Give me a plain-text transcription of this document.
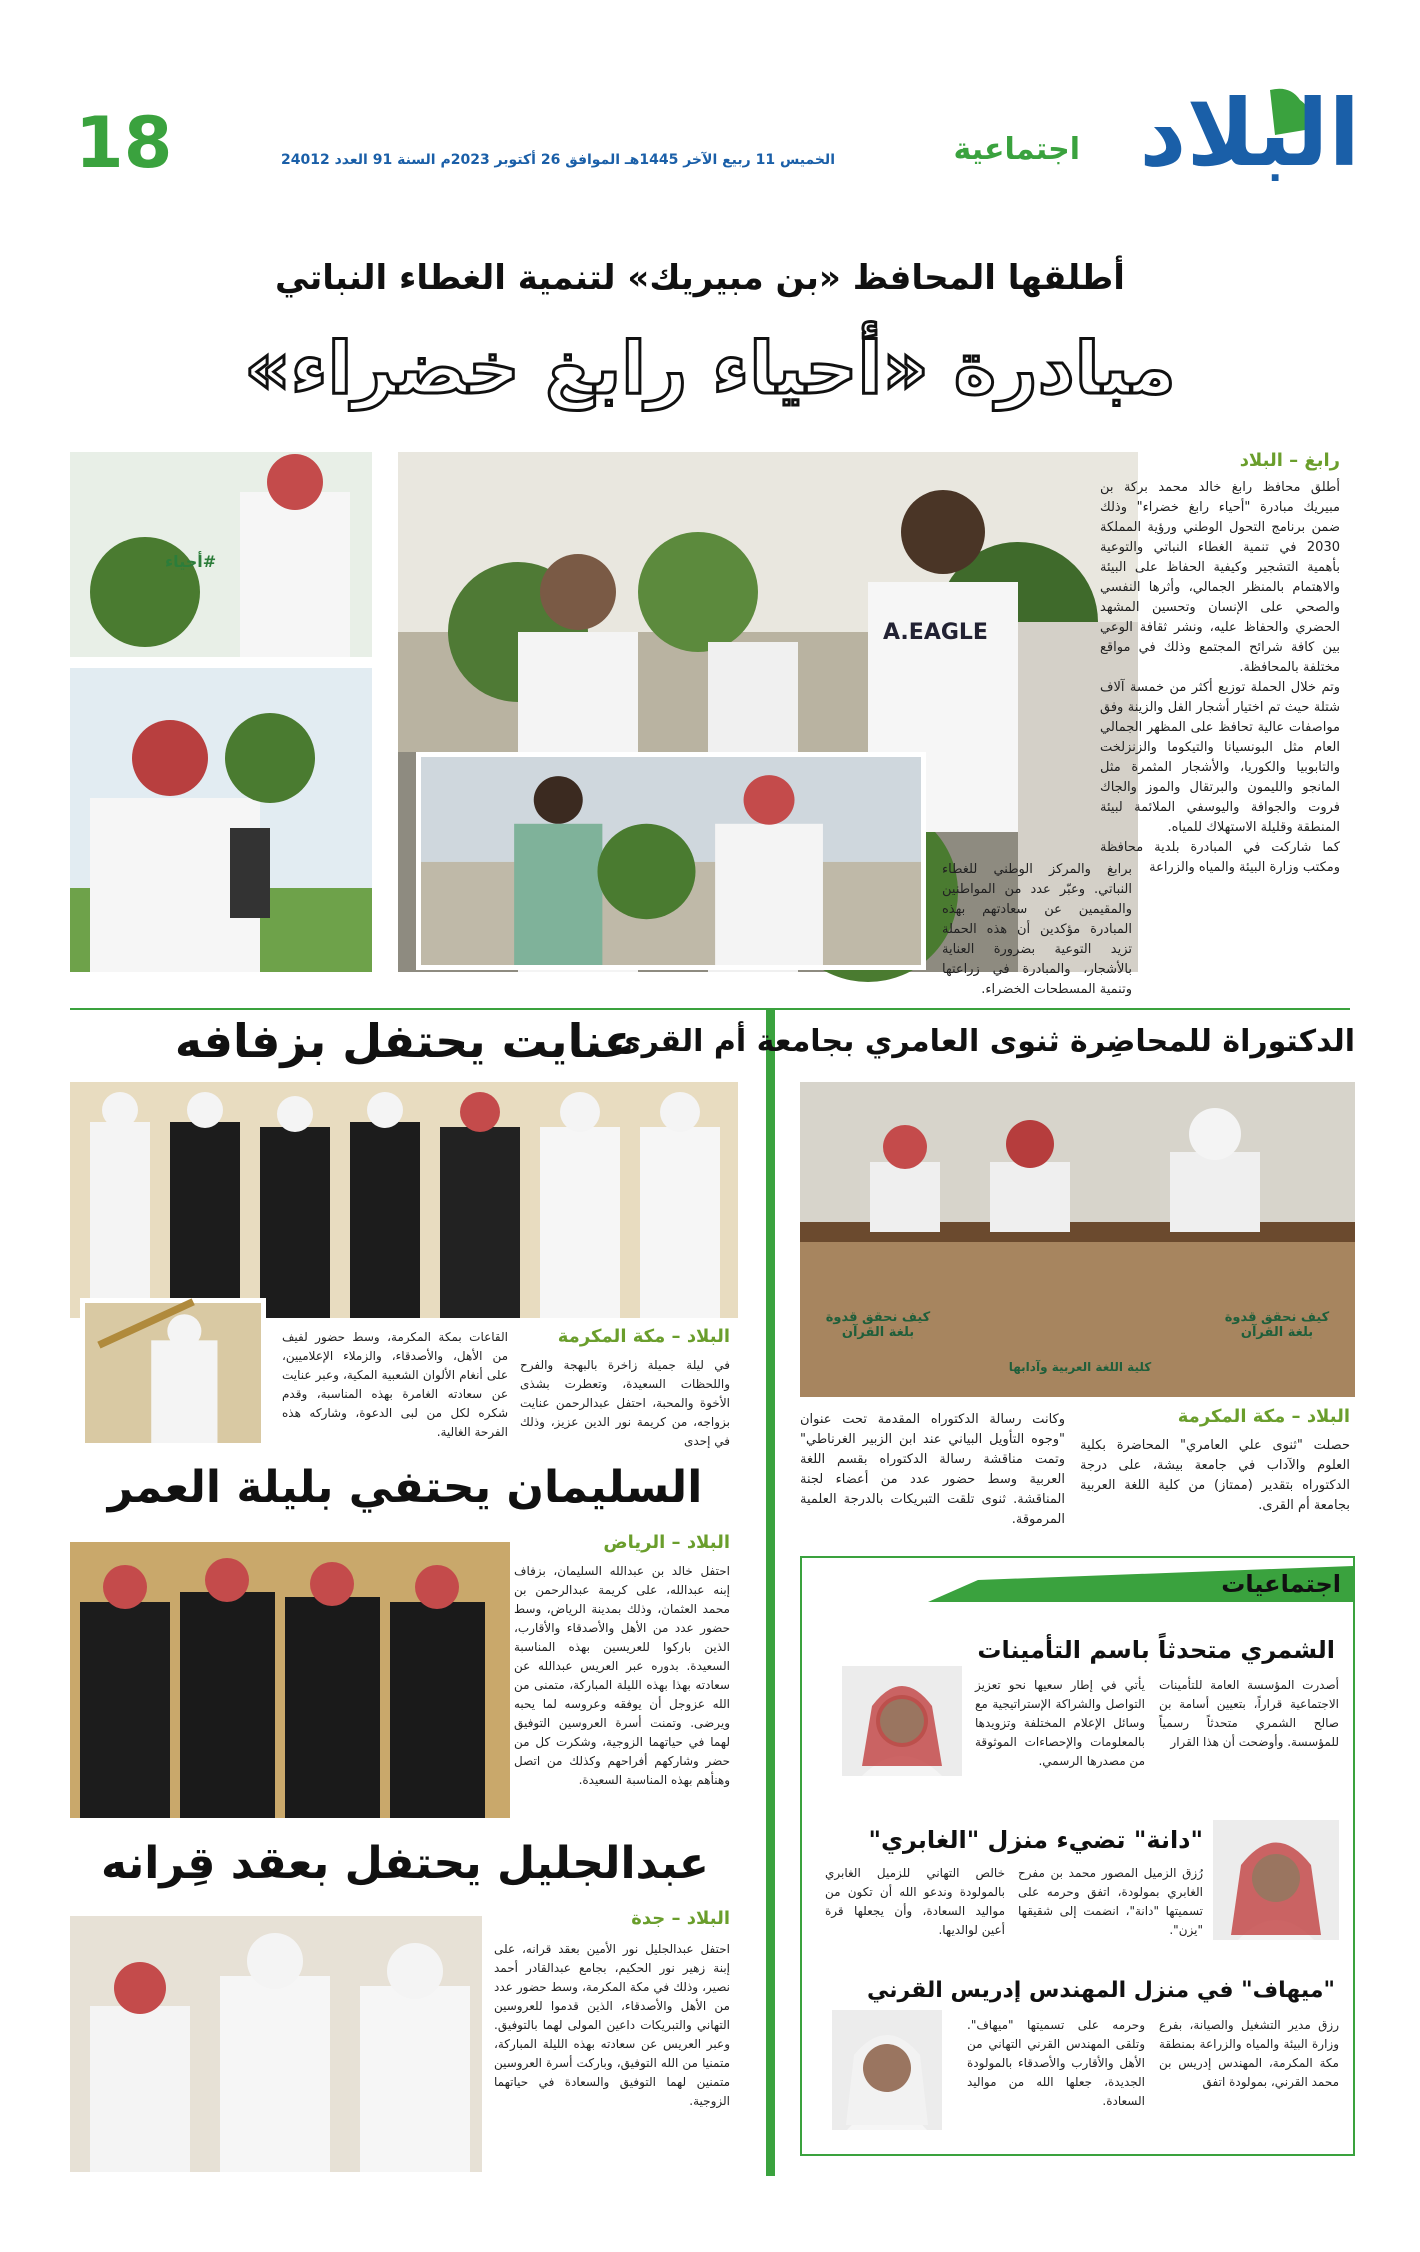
البلاد
اجتماعية
الخميس 11 ربيع الآخر 1445هـ الموافق 26 أكتوبر 2023م السنة 91 العدد 24012
18
أطلقها المحافظ «بن مبيريك» لتنمية الغطاء النباتي
مبادرة «أحياء رابغ خضراء»
A.EAGLE
#أحياء
رابغ – البلاد
أطلق محافظ رابغ خالد محمد بركة بن مبيريك مبادرة "أحياء رابغ خضراء" وذلك ضمن برنامج التحول الوطني ورؤية المملكة 2030 في تنمية الغطاء النباتي والتوعية بأهمية التشجير وكيفية الحفاظ على البيئة والاهتمام بالمنظر الجمالي، وأثرها النفسي والصحي على الإنسان وتحسين المشهد الحضري والحفاظ عليه، ونشر ثقافة الوعي بين كافة شرائح المجتمع وذلك في مواقع مختلفة بالمحافظة.
وتم خلال الحملة توزيع أكثر من خمسة آلاف شتلة حيث تم اختيار أشجار الفل والزينة وفق مواصفات عالية تحافظ على المظهر الجمالي العام مثل البونسيانا والتيكوما والزنزلخت والتابوبيا والكوريا، والأشجار المثمرة مثل المانجو والليمون والبرتقال والموز والجاك فروت والجوافة واليوسفي الملائمة لبيئة المنطقة وقليلة الاستهلاك للمياه.
كما شاركت في المبادرة بلدية محافظة ومكتب وزارة البيئة والمياه والزراعة
برابغ والمركز الوطني للغطاء النباتي. وعبّر عدد من المواطنين والمقيمين عن سعادتهم بهذه المبادرة مؤكدين أن هذه الحملة تزيد التوعية بضرورة العناية بالأشجار، والمبادرة في زراعتها وتنمية المسطحات الخضراء.
الدكتوراة للمحاضِرة ثنوى العامري بجامعة أم القرى
كيف نحقق قدوة بلغة القرآن
كلية اللغة العربية وآدابها
كيف نحقق قدوة بلغة القرآن
البلاد – مكة المكرمة
حصلت "ثنوى علي العامري" المحاضرة بكلية العلوم والآداب في جامعة بيشة، على درجة الدكتوراه بتقدير (ممتاز) من كلية اللغة العربية بجامعة أم القرى.
وكانت رسالة الدكتوراه المقدمة تحت عنوان "وجوه التأويل البياني عند ابن الزبير الغرناطي" وتمت مناقشة رسالة الدكتوراه بقسم اللغة العربية وسط حضور عدد من أعضاء لجنة المناقشة. ثنوى تلقت التبريكات بالدرجة العلمية المرموقة.
اجتماعيات
الشمري متحدثاً باسم التأمينات
أصدرت المؤسسة العامة للتأمينات الاجتماعية قراراً، بتعيين أسامة بن صالح الشمري متحدثاً رسمياً للمؤسسة. وأوضحت أن هذا القرار
يأتي في إطار سعيها نحو تعزيز التواصل والشراكة الإستراتيجية مع وسائل الإعلام المختلفة وتزويدها بالمعلومات والإحصاءات الموثوقة من مصدرها الرسمي.
"دانة" تضيء منزل "الغابري"
رُزق الزميل المصور محمد بن مفرح الغابري بمولودة، اتفق وحرمه على تسميتها "دانة"، انضمت إلى شقيقها "يزن".
خالص التهاني للزميل الغابري بالمولودة وندعو الله أن تكون من مواليد السعادة، وأن يجعلها قرة أعين لوالديها.
"ميهاف" في منزل المهندس إدريس القرني
رزق مدير التشغيل والصيانة، بفرع وزارة البيئة والمياه والزراعة بمنطقة مكة المكرمة، المهندس إدريس بن محمد القرني، بمولودة اتفق
وحرمه على تسميتها "ميهاف". وتلقى المهندس القرني التهاني من الأهل والأقارب والأصدقاء بالمولودة الجديدة، جعلها الله من مواليد السعادة.
عنايت يحتفل بزفافه
البلاد – مكة المكرمة
في ليلة جميلة زاخرة بالبهجة والفرح واللحظات السعيدة، وتعطرت بشذى الأخوة والمحبة، احتفل عبدالرحمن عنايت بزواجه، من كريمة نور الدين عزيز، وذلك في إحدى
القاعات بمكة المكرمة، وسط حضور لفيف من الأهل، والأصدقاء، والزملاء الإعلاميين، على أنغام الألوان الشعبية المكية، وعبر عنايت عن سعادته الغامرة بهذه المناسبة، وقدم شكره لكل من لبى الدعوة، وشاركه هذه الفرحة الغالية.
السليمان يحتفي بليلة العمر
البلاد – الرياض
احتفل خالد بن عبدالله السليمان، بزفاف إبنه عبدالله، على كريمة عبدالرحمن بن محمد العثمان، وذلك بمدينة الرياض، وسط حضور عدد من الأهل والأصدقاء والأقارب، الذين باركوا للعريسين بهذه المناسبة السعيدة. بدوره عبر العريس عبدالله عن سعادته بهذا بهذه الليلة المباركة، متمنى من الله عزوجل أن يوفقه وعروسه لما يحبه ويرضى. وتمنت أسرة العروسين التوفيق لهما في حياتهما الزوجية، وشكرت كل من حضر وشاركهم أفراحهم وكذلك من اتصل وهنأهم بهذه المناسبة السعيدة.
عبدالجليل يحتفل بعقد قِرانه
البلاد – جدة
احتفل عبدالجليل نور الأمين بعقد قرانه، على إبنة زهير نور الحكيم، بجامع عبدالقادر أحمد نصير، وذلك في مكة المكرمة، وسط حضور عدد من الأهل والأصدقاء، الذين قدموا للعروسين التهاني والتبريكات داعين المولى لهما بالتوفيق. وعبر العريس عن سعادته بهذه الليلة المباركة، متمنيا من الله التوفيق، وباركت أسرة العروسين متمنين لهما التوفيق والسعادة في حياتهما الزوجية.
